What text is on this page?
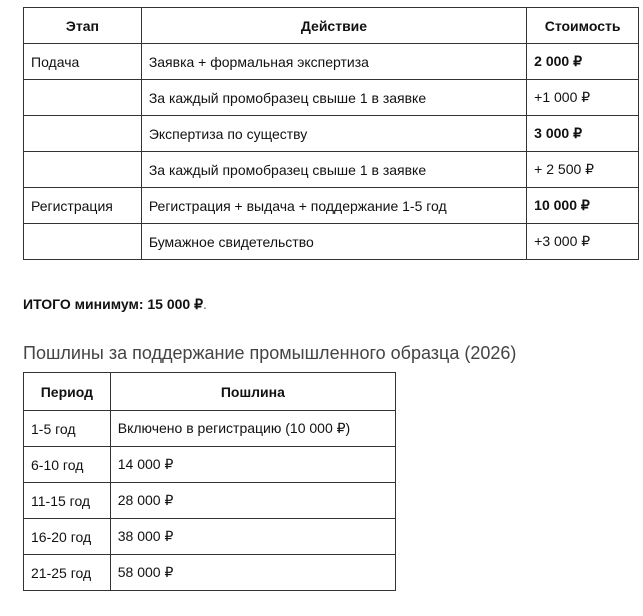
Этап	Действие	Стоимость
Подача	Заявка + формальная экспертиза	2 000 ₽
	За каждый промобразец свыше 1 в заявке	+1 000 ₽
	Экспертиза по существу	3 000 ₽
	За каждый промобразец свыше 1 в заявке	+ 2 500 ₽
Регистрация	Регистрация + выдача + поддержание 1-5 год	10 000 ₽
	Бумажное свидетельство	+3 000 ₽
ИТОГО минимум: 15 000 ₽.
Пошлины за поддержание промышленного образца (2026)
Период	Пошлина
1-5 год	Включено в регистрацию (10 000 ₽)
6-10 год	14 000 ₽
11-15 год	28 000 ₽
16-20 год	38 000 ₽
21-25 год	58 000 ₽
